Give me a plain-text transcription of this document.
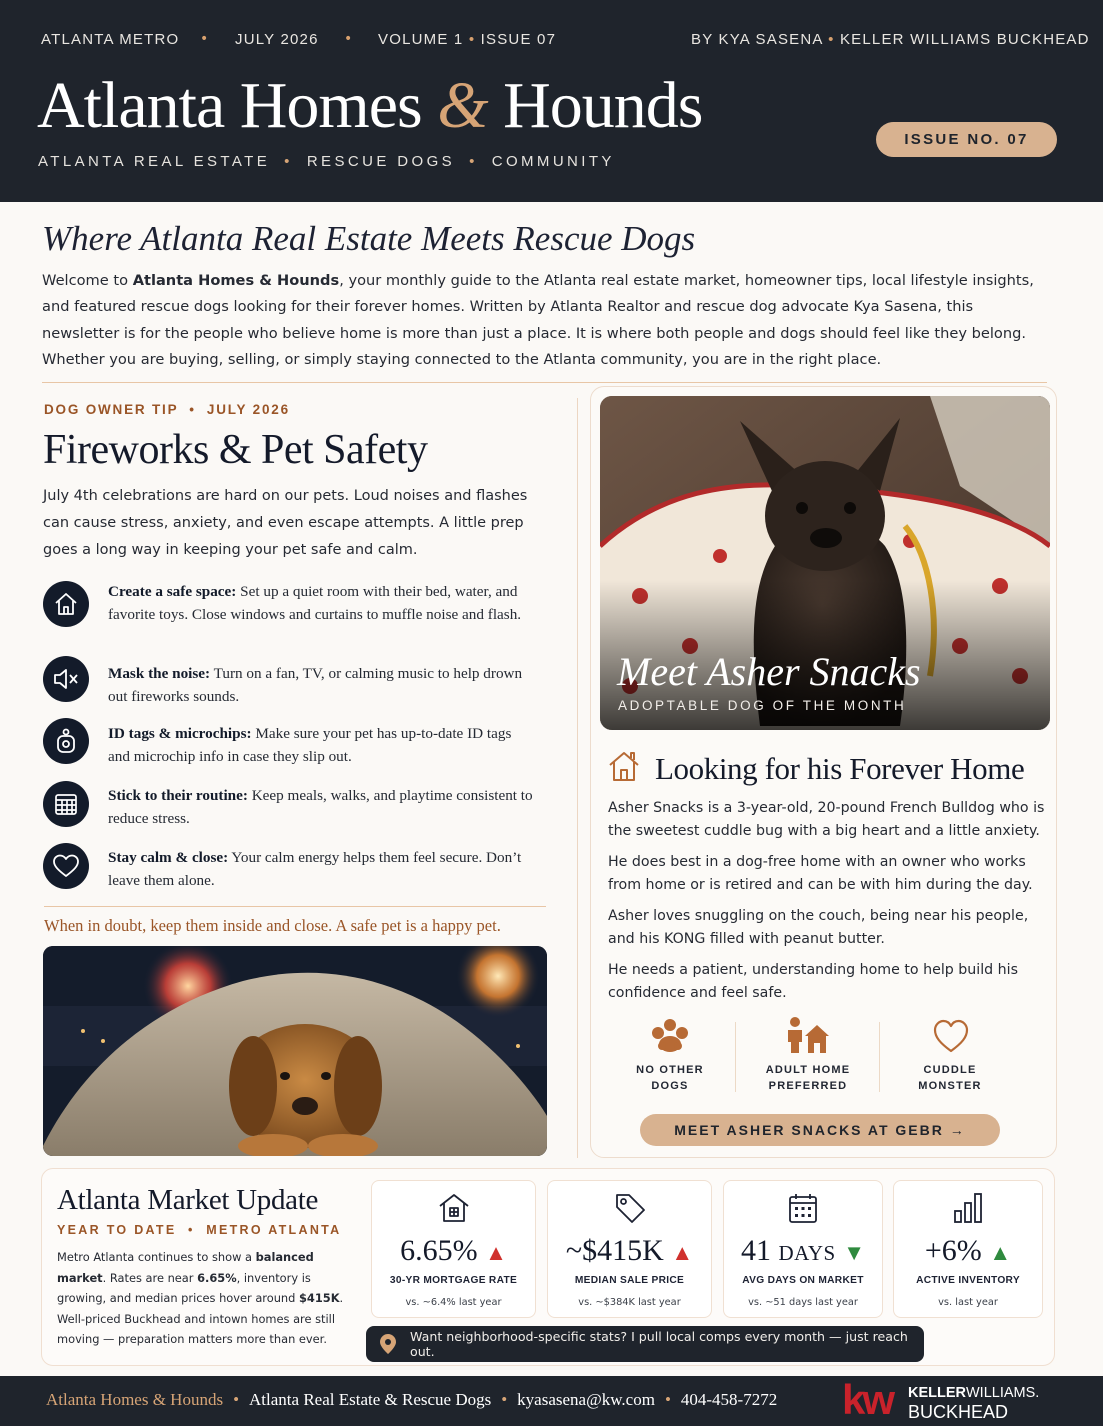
ATLANTA METRO • JULY 2026 • VOLUME 1 • ISSUE 07	BY KYA SASENA • KELLER WILLIAMS BUCKHEAD
Atlanta Homes & Hounds
ATLANTA REAL ESTATE • RESCUE DOGS • COMMUNITY
ISSUE NO. 07
Where Atlanta Real Estate Meets Rescue Dogs
Welcome to Atlanta Homes & Hounds, your monthly guide to the Atlanta real estate market, homeowner tips, local lifestyle insights, and featured rescue dogs looking for their forever homes. Written by Atlanta Realtor and rescue dog advocate Kya Sasena, this newsletter is for the people who believe home is more than just a place. It is where both people and dogs should feel like they belong. Whether you are buying, selling, or simply staying connected to the Atlanta community, you are in the right place.
DOG OWNER TIP  •  JULY 2026
Fireworks & Pet Safety
July 4th celebrations are hard on our pets. Loud noises and flashes can cause stress, anxiety, and even escape attempts. A little prep goes a long way in keeping your pet safe and calm.
Create a safe space: Set up a quiet room with their bed, water, and favorite toys. Close windows and curtains to muffle noise and flash.
Mask the noise: Turn on a fan, TV, or calming music to help drown out fireworks sounds.
ID tags & microchips: Make sure your pet has up-to-date ID tags and microchip info in case they slip out.
Stick to their routine: Keep meals, walks, and playtime consistent to reduce stress.
Stay calm & close: Your calm energy helps them feel secure. Don’t leave them alone.
When in doubt, keep them inside and close. A safe pet is a happy pet.
Meet Asher Snacks
ADOPTABLE DOG OF THE MONTH
Looking for his Forever Home
Asher Snacks is a 3-year-old, 20-pound French Bulldog who is the sweetest cuddle bug with a big heart and a little anxiety.
He does best in a dog-free home with an owner who works from home or is retired and can be with him during the day.
Asher loves snuggling on the couch, being near his people, and his KONG filled with peanut butter.
He needs a patient, understanding home to help build his confidence and feel safe.
NO OTHER
DOGS
ADULT HOME
PREFERRED
CUDDLE
MONSTER
MEET ASHER SNACKS AT GEBR →
Atlanta Market Update
YEAR TO DATE  •  METRO ATLANTA
Metro Atlanta continues to show a balanced market. Rates are near 6.65%, inventory is growing, and median prices hover around $415K. Well-priced Buckhead and intown homes are still moving — preparation matters more than ever.
6.65% ▲
30-YR MORTGAGE RATE
vs. ~6.4% last year
~$415K ▲
MEDIAN SALE PRICE
vs. ~$384K last year
41 DAYS ▼
AVG DAYS ON MARKET
vs. ~51 days last year
+6% ▲
ACTIVE INVENTORY
vs. last year
Want neighborhood-specific stats? I pull local comps every month — just reach out.
Atlanta Homes & Hounds • Atlanta Real Estate & Rescue Dogs • kyasasena@kw.com • 404-458-7272 kw KELLERWILLIAMS.
BUCKHEAD
